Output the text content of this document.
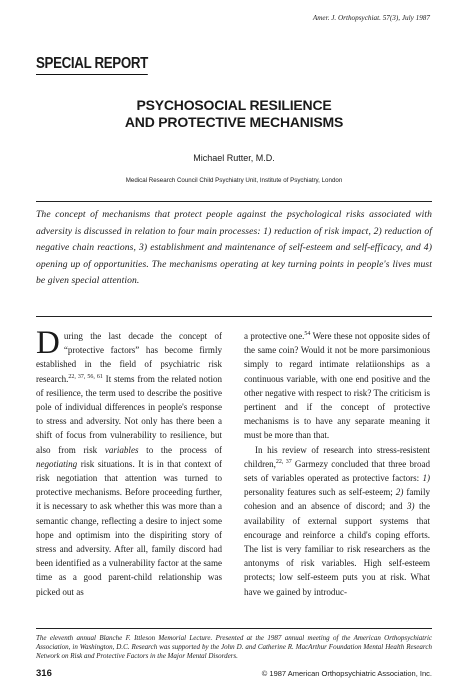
Amer. J. Orthopsychiat. 57(3), July 1987
SPECIAL REPORT
PSYCHOSOCIAL RESILIENCE
AND PROTECTIVE MECHANISMS
Michael Rutter, M.D.
Medical Research Council Child Psychiatry Unit, Institute of Psychiatry, London
The concept of mechanisms that protect people against the psychological risks associated with adversity is discussed in relation to four main processes: 1) reduction of risk impact, 2) reduction of negative chain reactions, 3) establishment and maintenance of self-esteem and self-efficacy, and 4) opening up of opportunities. The mechanisms operating at key turning points in people's lives must be given special attention.

During the last decade the concept of “protective factors” has become firmly established in the field of psychiatric risk research.$^{22, 37, 56, 61}$ It stems from the related notion of resilience, the term used to describe the positive pole of individual differences in people's response to stress and adversity. Not only has there been a shift of focus from vulnerability to resilience, but also from risk variables to the process of negotiating risk situations. It is in that context of risk negotiation that attention was turned to protective mechanisms. Before proceeding further, it is necessary to ask whether this was more than a semantic change, reflecting a desire to inject some hope and optimism into the dispiriting story of stress and adversity. After all, family discord had been identified as a vulnerability factor at the same time as a good parent-child relationship was picked out as

a protective one.$^{54}$ Were these not opposite sides of the same coin? Would it not be more parsimonious simply to regard intimate relatiionships as a continuous variable, with one end positive and the other negative with respect to risk? The criticism is pertinent and if the concept of protective mechanisms is to have any separate meaning it must be more than that.

In his review of research into stress-resistent children,$^{22, 37}$ Garmezy concluded that three broad sets of variables operated as protective factors: 1) personality features such as self-esteem; 2) family cohesion and an absence of discord; and 3) the availability of external support systems that encourage and reinforce a child's coping efforts. The list is very familiar to risk researchers as the antonyms of risk variables. High self-esteem protects; low self-esteem puts you at risk. What have we gained by introduc-

The eleventh annual Blanche F. Ittleson Memorial Lecture. Presented at the 1987 annual meeting of the American Orthopsychiatric Association, in Washington, D.C. Research was supported by the John D. and Catherine R. MacArthur Foundation Mental Health Research Network on Risk and Protective Factors in the Major Mental Disorders.
316	© 1987 American Orthopsychiatric Association, Inc.
